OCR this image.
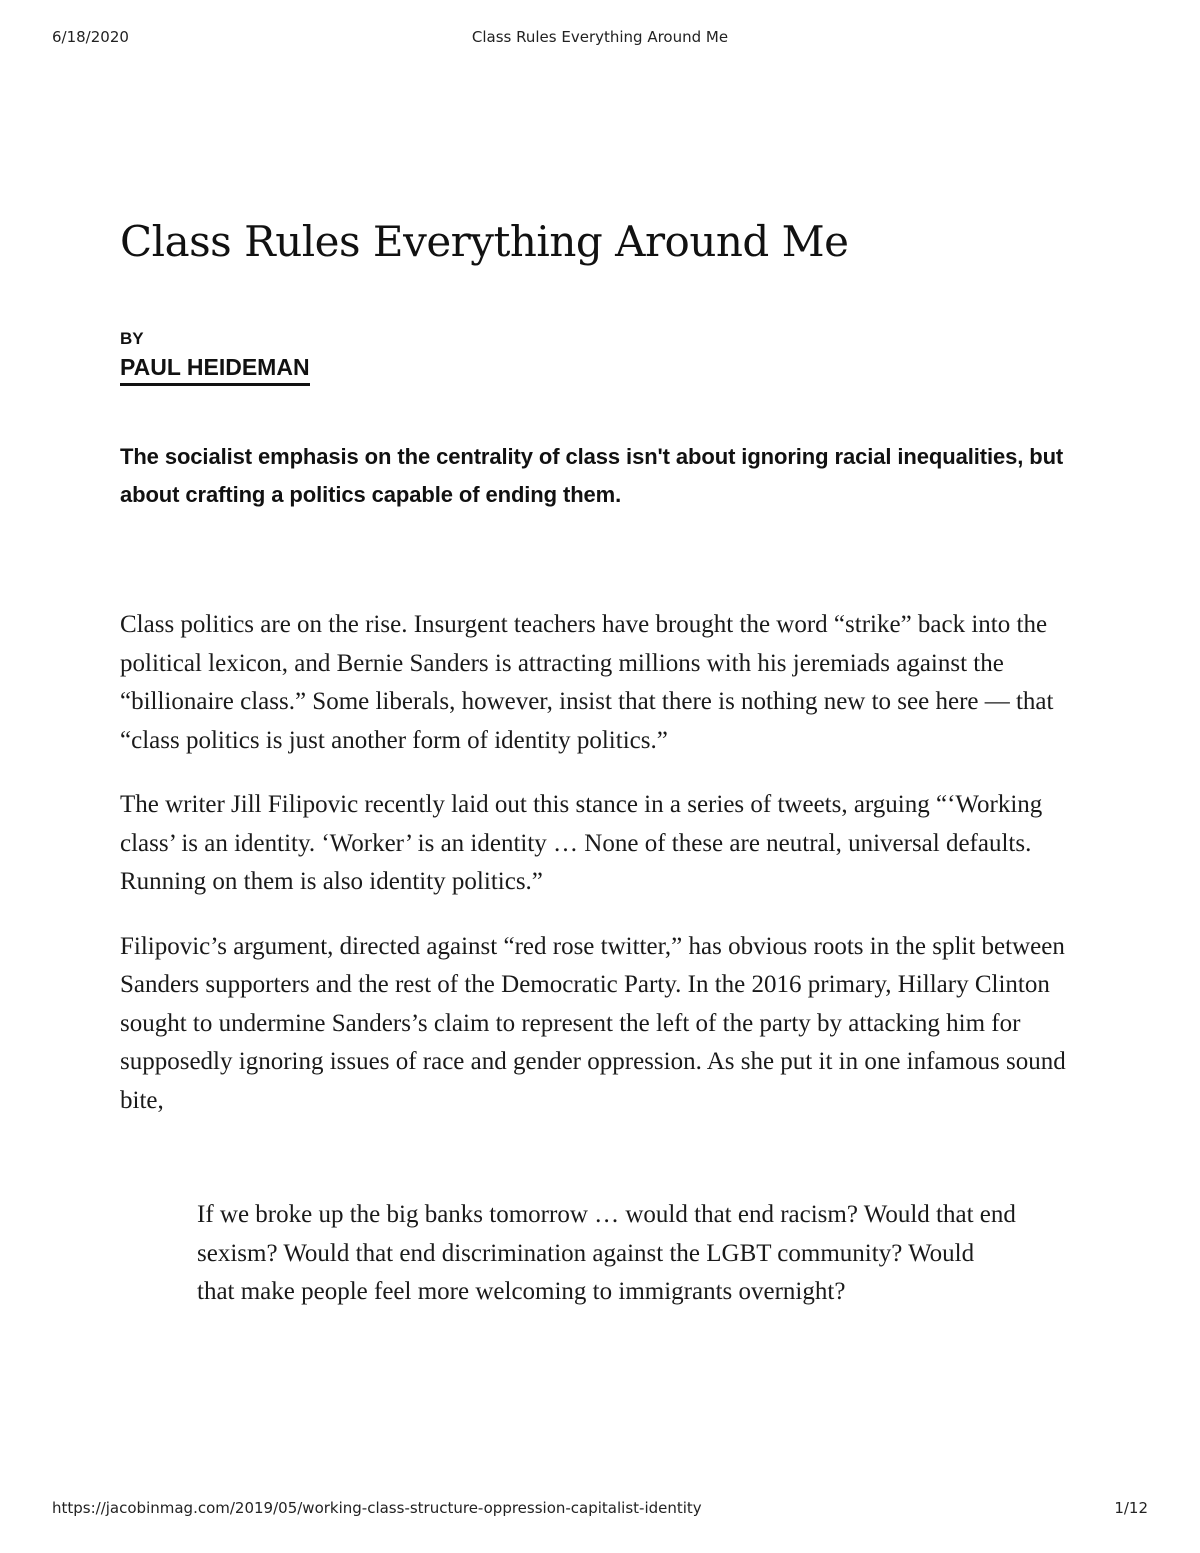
6/18/2020	Class Rules Everything Around Me
Class Rules Everything Around Me
BY
PAUL HEIDEMAN
The socialist emphasis on the centrality of class isn't about ignoring racial inequalities, but about crafting a politics capable of ending them.

Class politics are on the rise. Insurgent teachers have brought the word “strike” back into the political lexicon, and Bernie Sanders is attracting millions with his jeremiads against the “billionaire class.” Some liberals, however, insist that there is nothing new to see here — that “class politics is just another form of identity politics.”

The writer Jill Filipovic recently laid out this stance in a series of tweets, arguing “‘Working class’ is an identity. ‘Worker’ is an identity … None of these are neutral, universal defaults. Running on them is also identity politics.”

Filipovic’s argument, directed against “red rose twitter,” has obvious roots in the split between Sanders supporters and the rest of the Democratic Party. In the 2016 primary, Hillary Clinton sought to undermine Sanders’s claim to represent the left of the party by attacking him for supposedly ignoring issues of race and gender oppression. As she put it in one infamous sound bite,

If we broke up the big banks tomorrow … would that end racism? Would that end sexism? Would that end discrimination against the LGBT community? Would that make people feel more welcoming to immigrants overnight?
https://jacobinmag.com/2019/05/working-class-structure-oppression-capitalist-identity	1/12
